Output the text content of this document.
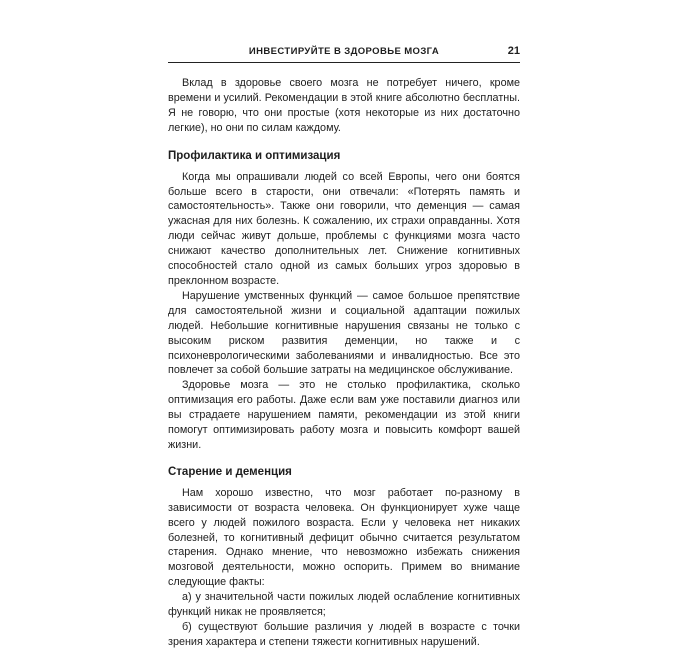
ИНВЕСТИРУЙТЕ В ЗДОРОВЬЕ МОЗГА	21

Вклад в здоровье своего мозга не потребует ничего, кроме времени и усилий. Рекомендации в этой книге абсолютно бесплатны. Я не говорю, что они простые (хотя некоторые из них достаточно легкие), но они по силам каждому.

Профилактика и оптимизация

Когда мы опрашивали людей со всей Европы, чего они боятся больше всего в старости, они отвечали: «Потерять память и самостоятельность». Также они говорили, что деменция — самая ужасная для них болезнь. К сожалению, их страхи оправданны. Хотя люди сейчас живут дольше, проблемы с функциями мозга часто снижают качество дополнительных лет. Снижение когнитивных способностей стало одной из самых больших угроз здоровью в преклонном возрасте.

Нарушение умственных функций — самое большое препятствие для самостоятельной жизни и социальной адаптации пожилых людей. Небольшие когнитивные нарушения связаны не только с высоким риском развития деменции, но также и с психоневрологическими заболеваниями и инвалидностью. Все это повлечет за собой большие затраты на медицинское обслуживание.

Здоровье мозга — это не столько профилактика, сколько оптимизация его работы. Даже если вам уже поставили диагноз или вы страдаете нарушением памяти, рекомендации из этой книги помогут оптимизировать работу мозга и повысить комфорт вашей жизни.

Старение и деменция

Нам хорошо известно, что мозг работает по-разному в зависимости от возраста человека. Он функционирует хуже чаще всего у людей пожилого возраста. Если у человека нет никаких болезней, то когнитивный дефицит обычно считается результатом старения. Однако мнение, что невозможно избежать снижения мозговой деятельности, можно оспорить. Примем во внимание следующие факты:

а) у значительной части пожилых людей ослабление когнитивных функций никак не проявляется;

б) существуют большие различия у людей в возрасте с точки зрения характера и степени тяжести когнитивных нарушений.
